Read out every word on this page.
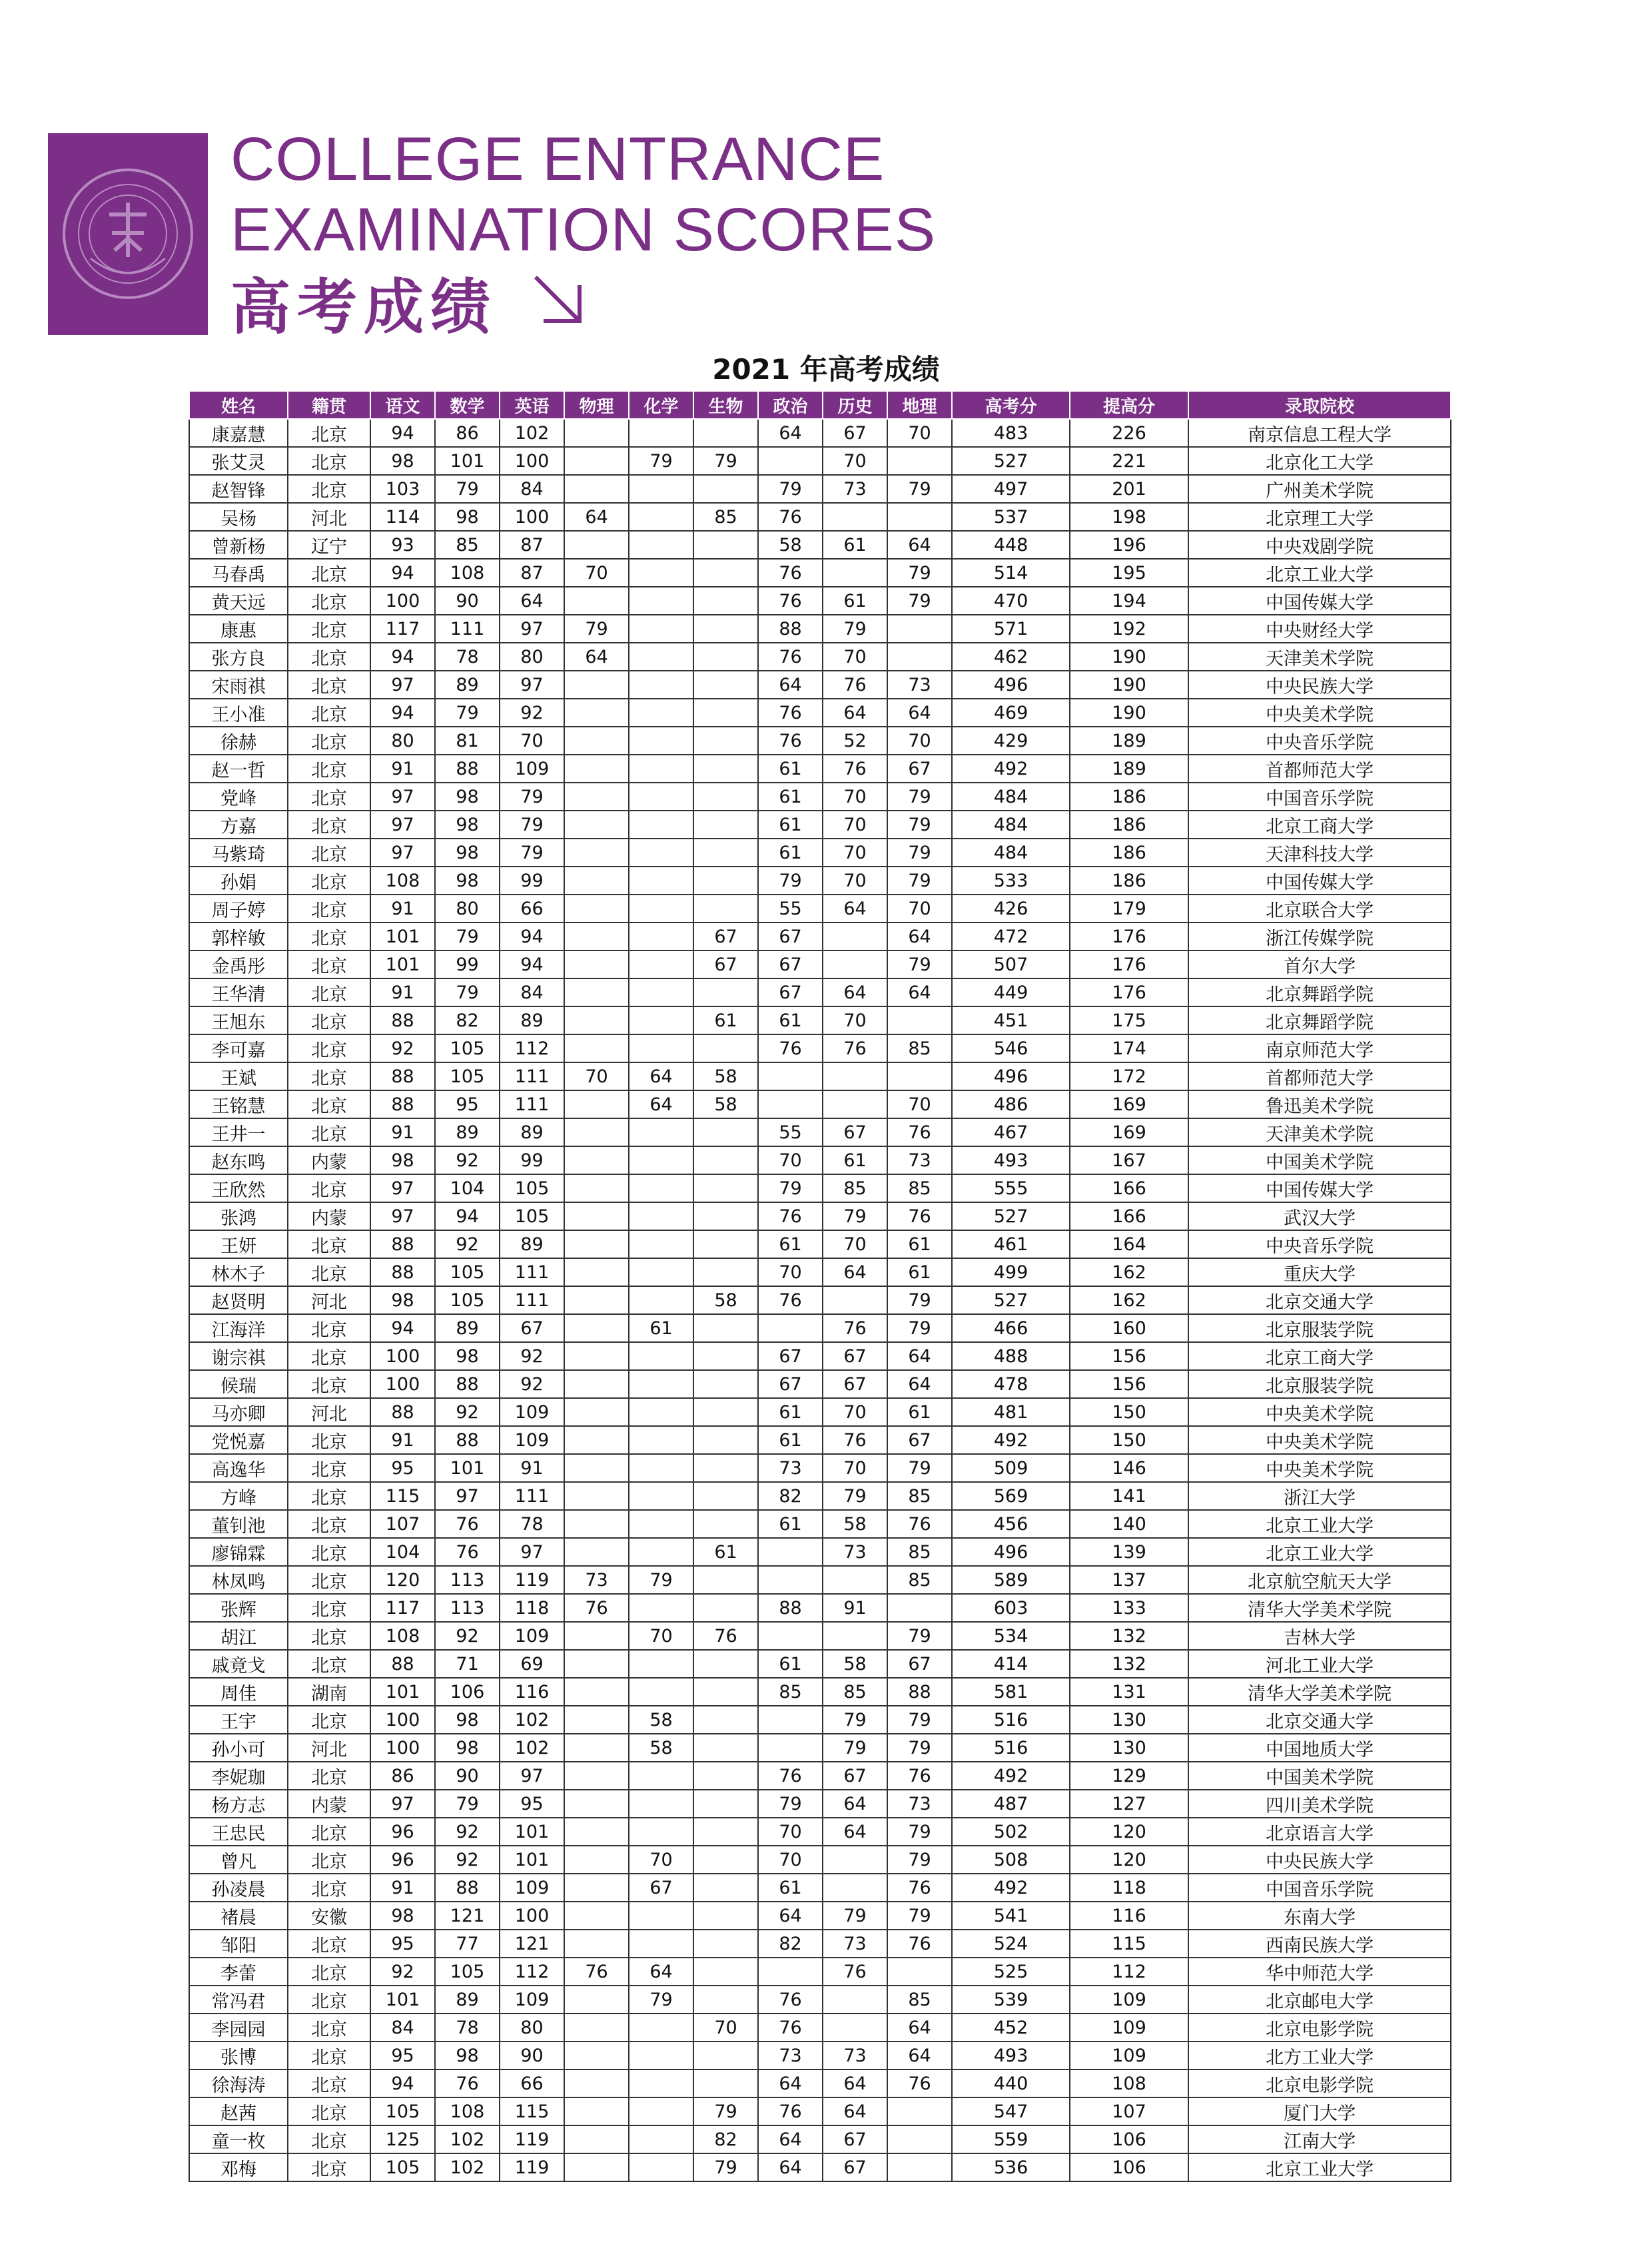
COLLEGE ENTRANCE
EXAMINATION SCORES
高考成绩
2021 年高考成绩
姓名	籍贯	语文	数学	英语	物理	化学	生物	政治	历史	地理	高考分	提高分	录取院校
康嘉慧	北京	94	86	102				64	67	70	483	226	南京信息工程大学
张艾灵	北京	98	101	100		79	79		70		527	221	北京化工大学
赵智锋	北京	103	79	84				79	73	79	497	201	广州美术学院
吴杨	河北	114	98	100	64		85	76			537	198	北京理工大学
曾新杨	辽宁	93	85	87				58	61	64	448	196	中央戏剧学院
马春禹	北京	94	108	87	70			76		79	514	195	北京工业大学
黄天远	北京	100	90	64				76	61	79	470	194	中国传媒大学
康惠	北京	117	111	97	79			88	79		571	192	中央财经大学
张方良	北京	94	78	80	64			76	70		462	190	天津美术学院
宋雨祺	北京	97	89	97				64	76	73	496	190	中央民族大学
王小准	北京	94	79	92				76	64	64	469	190	中央美术学院
徐赫	北京	80	81	70				76	52	70	429	189	中央音乐学院
赵一哲	北京	91	88	109				61	76	67	492	189	首都师范大学
党峰	北京	97	98	79				61	70	79	484	186	中国音乐学院
方嘉	北京	97	98	79				61	70	79	484	186	北京工商大学
马紫琦	北京	97	98	79				61	70	79	484	186	天津科技大学
孙娟	北京	108	98	99				79	70	79	533	186	中国传媒大学
周子婷	北京	91	80	66				55	64	70	426	179	北京联合大学
郭梓敏	北京	101	79	94			67	67		64	472	176	浙江传媒学院
金禹彤	北京	101	99	94			67	67		79	507	176	首尔大学
王华清	北京	91	79	84				67	64	64	449	176	北京舞蹈学院
王旭东	北京	88	82	89			61	61	70		451	175	北京舞蹈学院
李可嘉	北京	92	105	112				76	76	85	546	174	南京师范大学
王斌	北京	88	105	111	70	64	58				496	172	首都师范大学
王铭慧	北京	88	95	111		64	58			70	486	169	鲁迅美术学院
王井一	北京	91	89	89				55	67	76	467	169	天津美术学院
赵东鸣	内蒙	98	92	99				70	61	73	493	167	中国美术学院
王欣然	北京	97	104	105				79	85	85	555	166	中国传媒大学
张鸿	内蒙	97	94	105				76	79	76	527	166	武汉大学
王妍	北京	88	92	89				61	70	61	461	164	中央音乐学院
林木子	北京	88	105	111				70	64	61	499	162	重庆大学
赵贤明	河北	98	105	111			58	76		79	527	162	北京交通大学
江海洋	北京	94	89	67		61			76	79	466	160	北京服装学院
谢宗祺	北京	100	98	92				67	67	64	488	156	北京工商大学
候瑞	北京	100	88	92				67	67	64	478	156	北京服装学院
马亦卿	河北	88	92	109				61	70	61	481	150	中央美术学院
党悦嘉	北京	91	88	109				61	76	67	492	150	中央美术学院
高逸华	北京	95	101	91				73	70	79	509	146	中央美术学院
方峰	北京	115	97	111				82	79	85	569	141	浙江大学
董钊池	北京	107	76	78				61	58	76	456	140	北京工业大学
廖锦霖	北京	104	76	97			61		73	85	496	139	北京工业大学
林凤鸣	北京	120	113	119	73	79				85	589	137	北京航空航天大学
张辉	北京	117	113	118	76			88	91		603	133	清华大学美术学院
胡江	北京	108	92	109		70	76			79	534	132	吉林大学
戚竟戈	北京	88	71	69				61	58	67	414	132	河北工业大学
周佳	湖南	101	106	116				85	85	88	581	131	清华大学美术学院
王宇	北京	100	98	102		58			79	79	516	130	北京交通大学
孙小可	河北	100	98	102		58			79	79	516	130	中国地质大学
李妮珈	北京	86	90	97				76	67	76	492	129	中国美术学院
杨方志	内蒙	97	79	95				79	64	73	487	127	四川美术学院
王忠民	北京	96	92	101				70	64	79	502	120	北京语言大学
曾凡	北京	96	92	101		70		70		79	508	120	中央民族大学
孙凌晨	北京	91	88	109		67		61		76	492	118	中国音乐学院
褚晨	安徽	98	121	100				64	79	79	541	116	东南大学
邹阳	北京	95	77	121				82	73	76	524	115	西南民族大学
李蕾	北京	92	105	112	76	64			76		525	112	华中师范大学
常冯君	北京	101	89	109		79		76		85	539	109	北京邮电大学
李园园	北京	84	78	80			70	76		64	452	109	北京电影学院
张博	北京	95	98	90				73	73	64	493	109	北方工业大学
徐海涛	北京	94	76	66				64	64	76	440	108	北京电影学院
赵茜	北京	105	108	115			79	76	64		547	107	厦门大学
童一枚	北京	125	102	119			82	64	67		559	106	江南大学
邓梅	北京	105	102	119			79	64	67		536	106	北京工业大学
